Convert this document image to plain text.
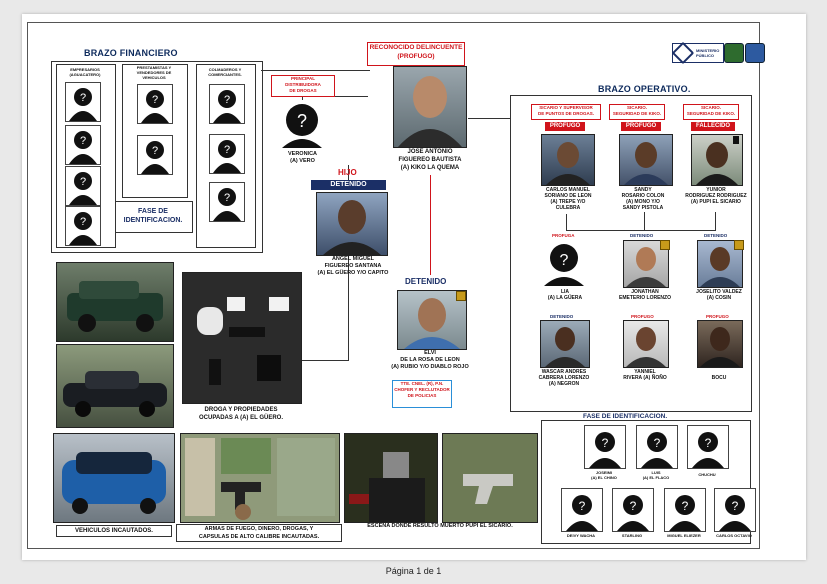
MINISTERIO PÚBLICO
BRAZO FINANCIERO
EMPRESARIOS
(AGUACATERO)
PRESTAMISTAS Y
VENDEDORES DE
VEHICULOS
COLMADEROS Y
COMERCIANTES.
FASE DE
IDENTIFICACION.
?
?
?
?
?
?
?
?
?
RECONOCIDO DELINCUENTE
(PROFUGO)
JOSE ANTONIO
FIGUEREO BAUTISTA
(A) KIKO LA QUEMA
PRINCIPAL
DISTRIBUIDORA
DE DROGAS
?
VERONICA
(A) VERO
HIJO
DETENIDO
ANGEL MIGUEL
FIGUEREO SANTANA
(A) EL GÜERO Y/O CAPITO
DETENIDO
ELVI
DE LA ROSA DE LEON
(A) RUBIO Y/O DIABLO ROJO
TTE. CNEL. (R), P.N.
CHOFER Y RECLUTADOR
DE POLICIAS
BRAZO OPERATIVO.
SICARIO Y SUPERVISOR
DE PUNTOS DE DROGAS.
SICARIO.
SEGURIDAD DE KIKO.
SICARIO.
SEGURIDAD DE KIKO.
PROFUGO	PROFUGO	FALLECIDO
CARLOS MANUEL
SORIANO DE LEON
(A) TREPE Y/O
CULEBRA
SANDY
ROSARIO COLON
(A) MONO Y/O
SANDY PISTOLA
YUNIOR
RODRIGUEZ RODRIGUEZ
(A) PUPI EL SICARIO
PROFUGA	DETENIDO	DETENIDO
?
LIA
(A) LA GÜERA
JONATHAN
EMETERIO LORENZO
JOSELITO VALDEZ
(A) COSIN
DETENIDO	PROFUGO	PROFUGO
WASCAR ANDRES
CABRERA LORENZO
(A) NEGRON
YANNIEL
RIVERA (A) ÑOÑO	BOCU
DROGA Y PROPIEDADES
OCUPADAS A (A) EL GÜERO.
VEHICULOS INCAUTADOS.	ARMAS DE FUEGO, DINERO, DROGAS, Y
CAPSULAS DE ALTO CALIBRE INCAUTADAS.
ESCENA DONDE RESULTO MUERTO PUPI EL SICARIO.
FASE DE IDENTIFICACION.
?	?	?
JOSEIMI
(A) EL CHINO
LUIS
(A) EL FLACO
CHUCHU
?	?	?	?
DEIVY WACHA	STARLING	MIGUEL ELIEZER	CARLOS OCTAVIO
Página 1 de 1
